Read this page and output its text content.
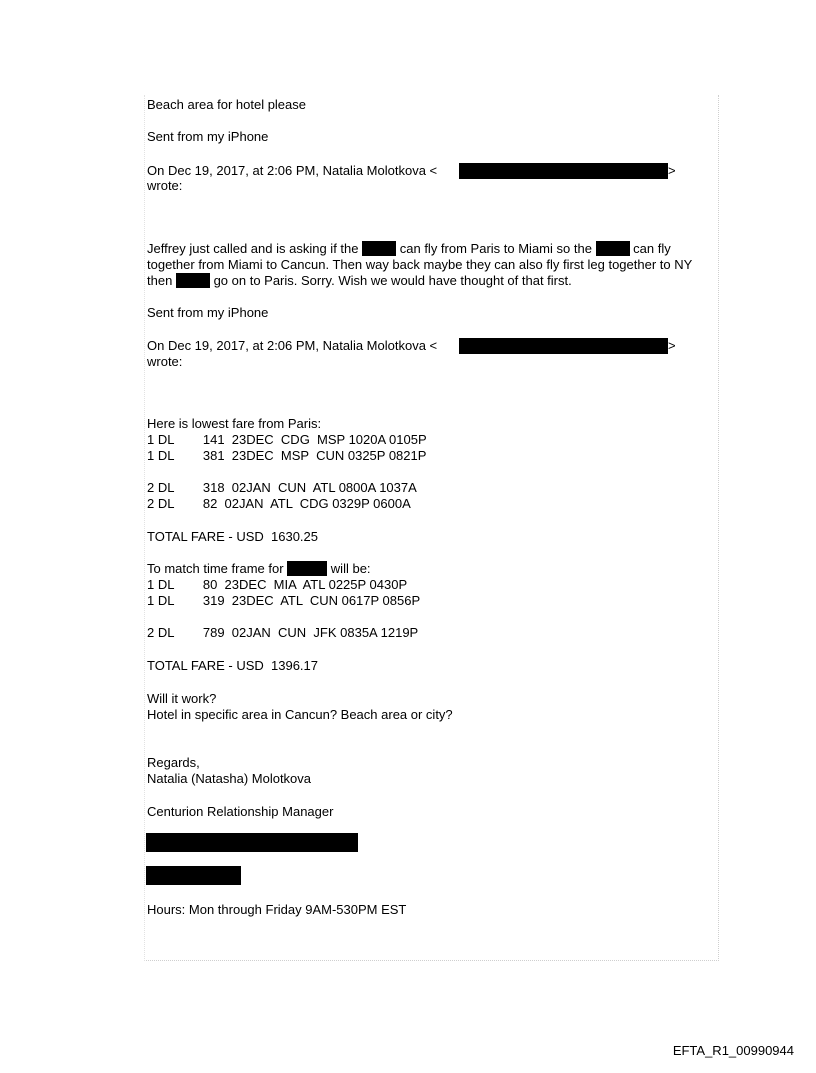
Beach area for hotel please
Sent from my iPhone
On Dec 19, 2017, at 2:06 PM, Natalia Molotkova <	>
wrote:
Jeffrey just called and is asking if the	can fly from Paris to Miami so the	can fly together from Miami to Cancun. Then way back maybe they can also fly first leg together to NY then	go on to Paris. Sorry. Wish we would have thought of that first.
Sent from my iPhone
On Dec 19, 2017, at 2:06 PM, Natalia Molotkova <	>
wrote:
Here is lowest fare from Paris:
1 DL        141  23DEC  CDG  MSP 1020A 0105P
1 DL        381  23DEC  MSP  CUN 0325P 0821P
2 DL        318  02JAN  CUN  ATL 0800A 1037A
2 DL        82  02JAN  ATL  CDG 0329P 0600A
TOTAL FARE - USD  1630.25
To match time frame for	will be:
1 DL        80  23DEC  MIA  ATL 0225P 0430P
1 DL        319  23DEC  ATL  CUN 0617P 0856P
2 DL        789  02JAN  CUN  JFK 0835A 1219P
TOTAL FARE - USD  1396.17
Will it work?
Hotel in specific area in Cancun? Beach area or city?
Regards,
Natalia (Natasha) Molotkova
Centurion Relationship Manager
Hours: Mon through Friday 9AM-530PM EST
EFTA_R1_00990944
